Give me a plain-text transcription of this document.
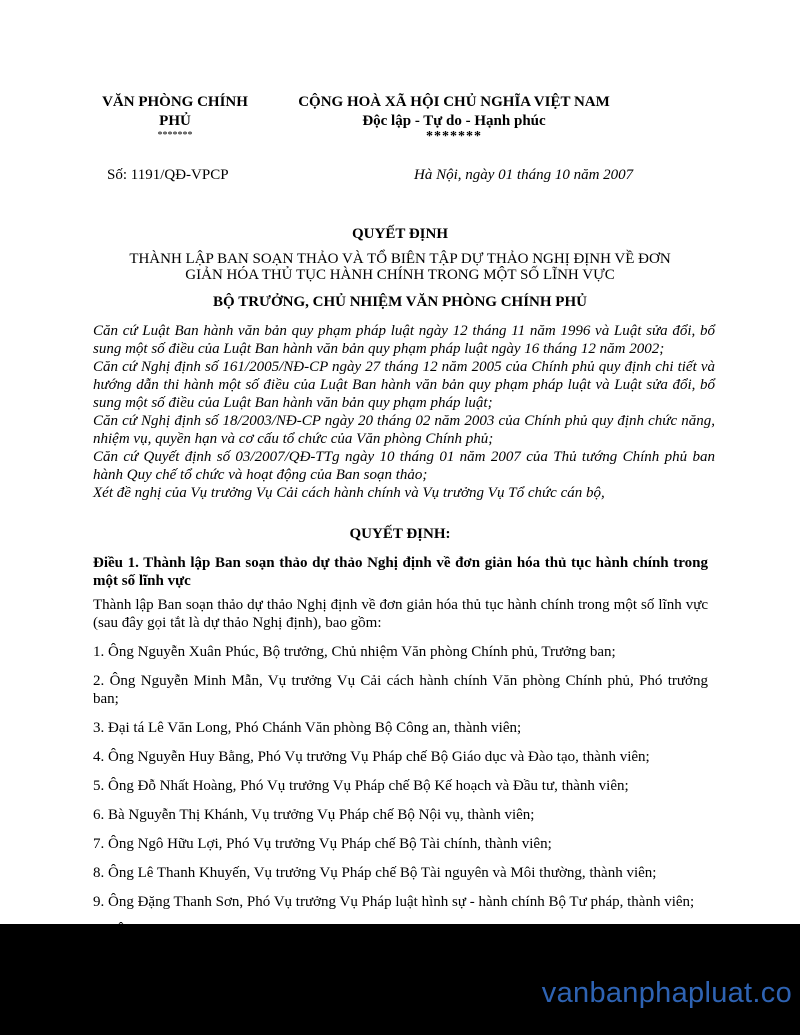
VĂN PHÒNG CHÍNH
PHỦ
*******
CỘNG HOÀ XÃ HỘI CHỦ NGHĨA VIỆT NAM
Độc lập - Tự do - Hạnh phúc
*******
Số: 1191/QĐ-VPCP	Hà Nội, ngày 01 tháng 10 năm 2007
QUYẾT ĐỊNH
THÀNH LẬP BAN SOẠN THẢO VÀ TỔ BIÊN TẬP DỰ THẢO NGHỊ ĐỊNH VỀ ĐƠN
GIẢN HÓA THỦ TỤC HÀNH CHÍNH TRONG MỘT SỐ LĨNH VỰC
BỘ TRƯỞNG, CHỦ NHIỆM VĂN PHÒNG CHÍNH PHỦ

Căn cứ Luật Ban hành văn bản quy phạm pháp luật ngày 12 tháng 11 năm 1996 và Luật sửa đổi, bổ sung một số điều của Luật Ban hành văn bản quy phạm pháp luật ngày 16 tháng 12 năm 2002;

Căn cứ Nghị định số 161/2005/NĐ-CP ngày 27 tháng 12 năm 2005 của Chính phủ quy định chi tiết và hướng dẫn thi hành một số điều của Luật Ban hành văn bản quy phạm pháp luật và Luật sửa đổi, bổ sung một số điều của Luật Ban hành văn bản quy phạm pháp luật;

Căn cứ Nghị định số 18/2003/NĐ-CP ngày 20 tháng 02 năm 2003 của Chính phủ quy định chức năng, nhiệm vụ, quyền hạn và cơ cấu tổ chức của Văn phòng Chính phủ;

Căn cứ Quyết định số 03/2007/QĐ-TTg ngày 10 tháng 01 năm 2007 của Thủ tướng Chính phủ ban hành Quy chế tổ chức và hoạt động của Ban soạn thảo;

Xét đề nghị của Vụ trưởng Vụ Cải cách hành chính và Vụ trưởng Vụ Tổ chức cán bộ,

QUYẾT ĐỊNH:
Điều 1. Thành lập Ban soạn thảo dự thảo Nghị định về đơn giản hóa thủ tục hành chính trong một số lĩnh vực

Thành lập Ban soạn thảo dự thảo Nghị định về đơn giản hóa thủ tục hành chính trong một số lĩnh vực (sau đây gọi tắt là dự thảo Nghị định), bao gồm:

1. Ông Nguyễn Xuân Phúc, Bộ trưởng, Chủ nhiệm Văn phòng Chính phủ, Trưởng ban;

2. Ông Nguyễn Minh Mẫn, Vụ trưởng Vụ Cải cách hành chính Văn phòng Chính phủ, Phó trưởng ban;

3. Đại tá Lê Văn Long, Phó Chánh Văn phòng Bộ Công an, thành viên;

4. Ông Nguyễn Huy Bằng, Phó Vụ trưởng Vụ Pháp chế Bộ Giáo dục và Đào tạo, thành viên;

5. Ông Đỗ Nhất Hoàng, Phó Vụ trưởng Vụ Pháp chế Bộ Kế hoạch và Đầu tư, thành viên;

6. Bà Nguyễn Thị Khánh, Vụ trưởng Vụ Pháp chế Bộ Nội vụ, thành viên;

7. Ông Ngô Hữu Lợi, Phó Vụ trưởng Vụ Pháp chế Bộ Tài chính, thành viên;

8. Ông Lê Thanh Khuyến, Vụ trưởng Vụ Pháp chế Bộ Tài nguyên và Môi thường, thành viên;

9. Ông Đặng Thanh Sơn, Phó Vụ trưởng Vụ Pháp luật hình sự - hành chính Bộ Tư pháp, thành viên;

vanbanphapluat.co
